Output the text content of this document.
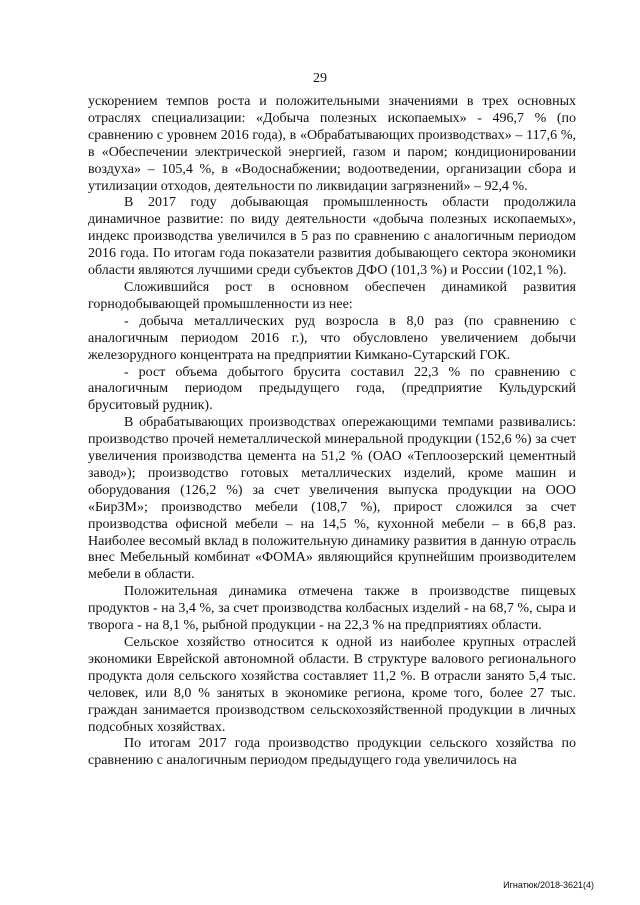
29

ускорением темпов роста и положительными значениями в трех основных отраслях специализации: «Добыча полезных ископаемых» - 496,7 % (по сравнению с уровнем 2016 года), в «Обрабатывающих производствах» – 117,6 %, в «Обеспечении электрической энергией, газом и паром; кондиционировании воздуха» – 105,4 %, в «Водоснабжении; водоотведении, организации сбора и утилизации отходов, деятельности по ликвидации загрязнений» – 92,4 %.

В 2017 году добывающая промышленность области продолжила динамичное развитие: по виду деятельности «добыча полезных ископаемых», индекс производства увеличился в 5 раз по сравнению с аналогичным периодом 2016 года. По итогам года показатели развития добывающего сектора экономики области являются лучшими среди субъектов ДФО (101,3 %) и России (102,1 %).

Сложившийся рост в основном обеспечен динамикой развития горнодобывающей промышленности из нее:

- добыча металлических руд возросла в 8,0 раз (по сравнению с аналогичным периодом 2016 г.), что обусловлено увеличением добычи железорудного концентрата на предприятии Кимкано-Сутарский ГОК.

- рост объема добытого брусита составил 22,3 % по сравнению с аналогичным периодом предыдущего года, (предприятие Кульдурский бруситовый рудник).

В обрабатывающих производствах опережающими темпами развивались: производство прочей неметаллической минеральной продукции (152,6 %) за счет увеличения производства цемента на 51,2 % (ОАО «Теплоозерский цементный завод»); производство готовых металлических изделий, кроме машин и оборудования (126,2 %) за счет увеличения выпуска продукции на ООО «БирЗМ»; производство мебели (108,7 %), прирост сложился за счет производства офисной мебели – на 14,5 %, кухонной мебели – в 66,8 раз. Наиболее весомый вклад в положительную динамику развития в данную отрасль внес Мебельный комбинат «ФОМА» являющийся крупнейшим производителем мебели в области.

Положительная динамика отмечена также в производстве пищевых продуктов - на 3,4 %, за счет производства колбасных изделий - на 68,7 %, сыра и творога - на 8,1 %, рыбной продукции - на 22,3 % на предприятиях области.

Сельское хозяйство относится к одной из наиболее крупных отраслей экономики Еврейской автономной области. В структуре валового регионального продукта доля сельского хозяйства составляет 11,2 %. В отрасли занято 5,4 тыс. человек, или 8,0 % занятых в экономике региона, кроме того, более 27 тыс. граждан занимается производством сельскохозяйственной продукции в личных подсобных хозяйствах.

По итогам 2017 года производство продукции сельского хозяйства по сравнению с аналогичным периодом предыдущего года увеличилось на

Игнатюк/2018-3621(4)
